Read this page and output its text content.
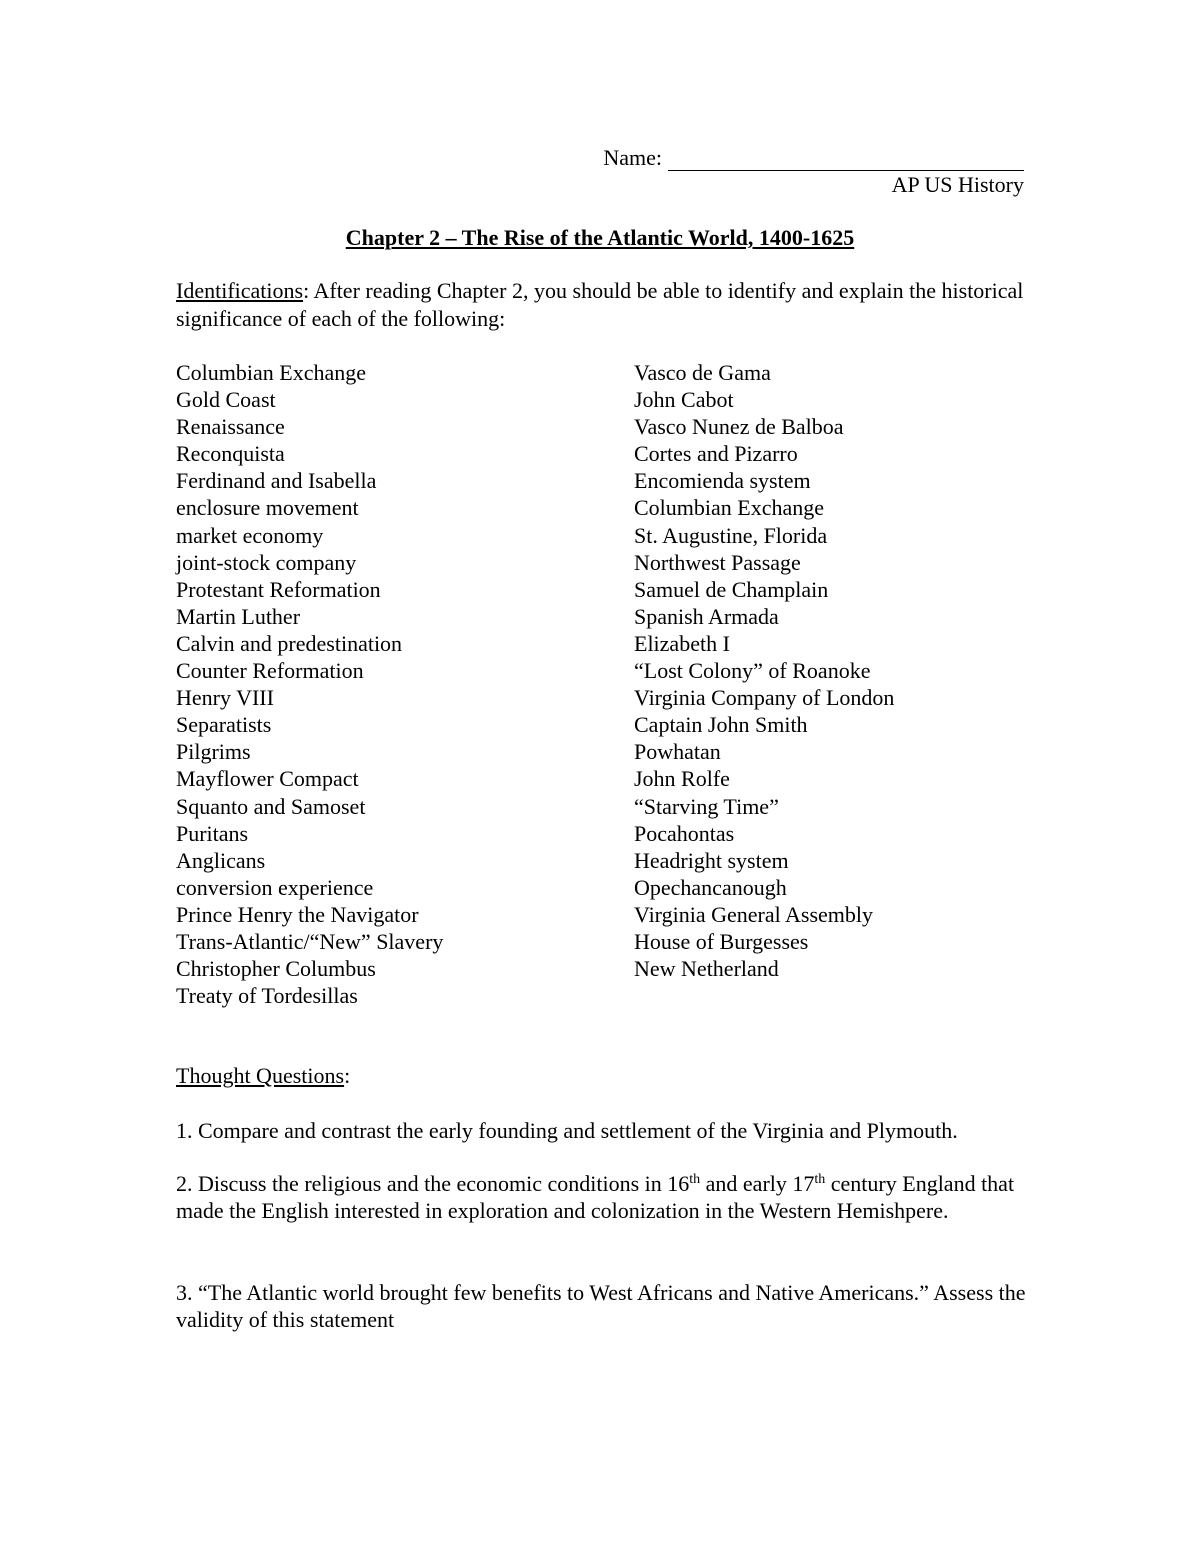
Name:
AP US History
Chapter 2 – The Rise of the Atlantic World, 1400-1625
Identifications: After reading Chapter 2, you should be able to identify and explain the historical significance of each of the following:
Columbian Exchange
Gold Coast
Renaissance
Reconquista
Ferdinand and Isabella
enclosure movement
market economy
joint-stock company
Protestant Reformation
Martin Luther
Calvin and predestination
Counter Reformation
Henry VIII
Separatists
Pilgrims
Mayflower Compact
Squanto and Samoset
Puritans
Anglicans
conversion experience
Prince Henry the Navigator
Trans-Atlantic/“New” Slavery
Christopher Columbus
Treaty of Tordesillas
Vasco de Gama
John Cabot
Vasco Nunez de Balboa
Cortes and Pizarro
Encomienda system
Columbian Exchange
St. Augustine, Florida
Northwest Passage
Samuel de Champlain
Spanish Armada
Elizabeth I
“Lost Colony” of Roanoke
Virginia Company of London
Captain John Smith
Powhatan
John Rolfe
“Starving Time”
Pocahontas
Headright system
Opechancanough
Virginia General Assembly
House of Burgesses
New Netherland
Thought Questions:
1. Compare and contrast the early founding and settlement of the Virginia and Plymouth.
2. Discuss the religious and the economic conditions in 16th and early 17th century England that made the English interested in exploration and colonization in the Western Hemishpere.
3. “The Atlantic world brought few benefits to West Africans and Native Americans.” Assess the validity of this statement
